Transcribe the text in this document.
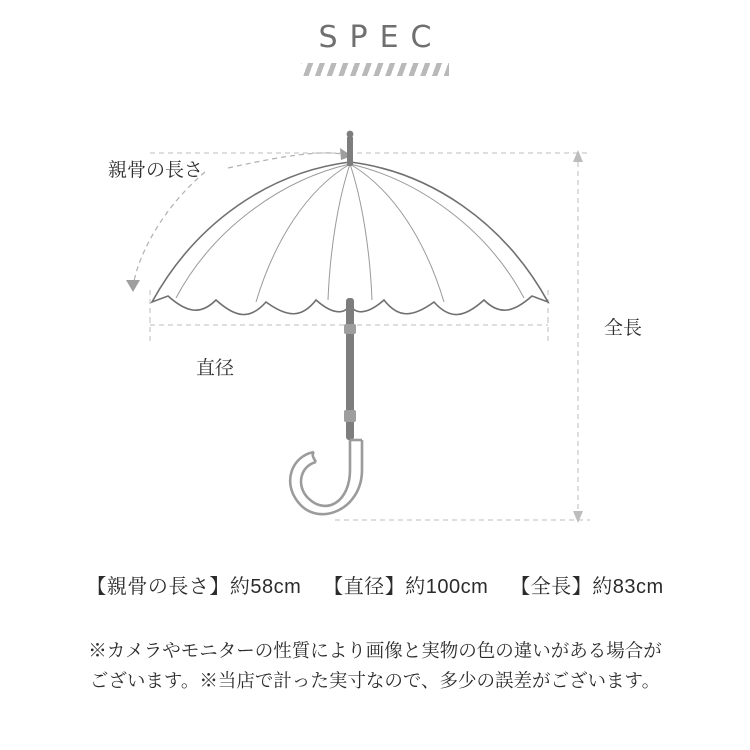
SPEC
親骨の長さ
直径
全長
【親骨の長さ】約58cm 【直径】約100cm 【全長】約83cm
※カメラやモニターの性質により画像と実物の色の違いがある場合が
ございます。※当店で計った実寸なので、多少の誤差がございます。
